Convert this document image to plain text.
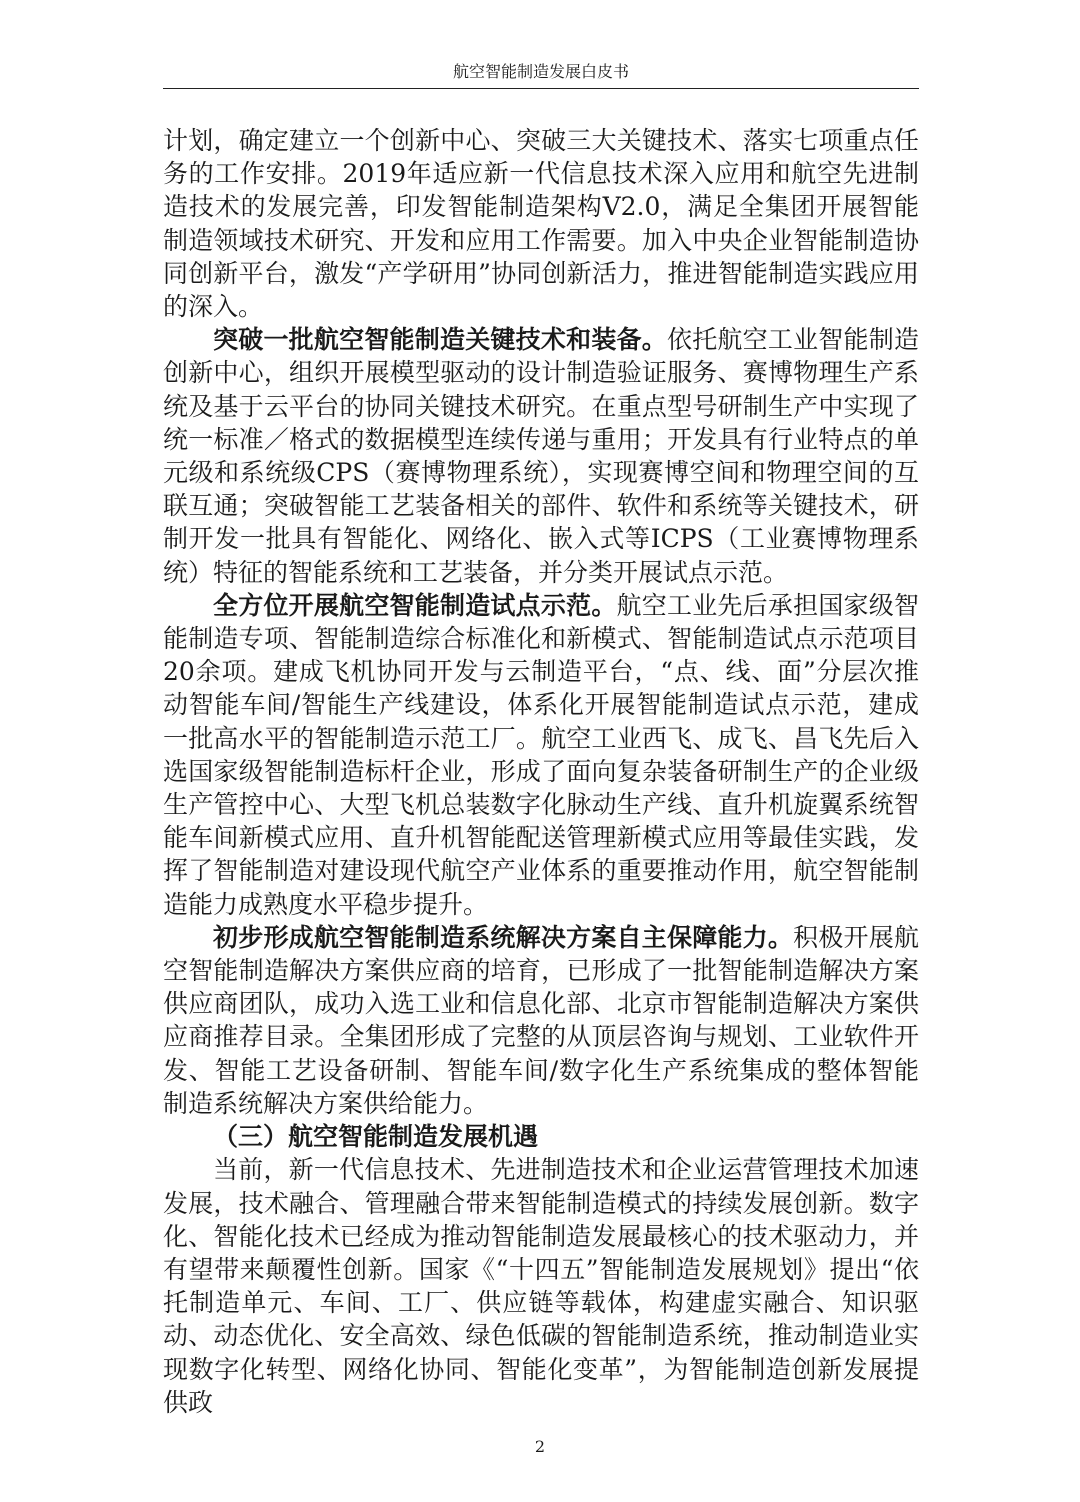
航空智能制造发展白皮书

计划，确定建立一个创新中心、突破三大关键技术、落实七项重点任务的工作安排。2019年适应新一代信息技术深入应用和航空先进制造技术的发展完善，印发智能制造架构V2.0，满足全集团开展智能制造领域技术研究、开发和应用工作需要。加入中央企业智能制造协同创新平台，激发“产学研用”协同创新活力，推进智能制造实践应用的深入。

突破一批航空智能制造关键技术和装备。依托航空工业智能制造创新中心，组织开展模型驱动的设计制造验证服务、赛博物理生产系统及基于云平台的协同关键技术研究。在重点型号研制生产中实现了统一标准／格式的数据模型连续传递与重用；开发具有行业特点的单元级和系统级CPS（赛博物理系统），实现赛博空间和物理空间的互联互通；突破智能工艺装备相关的部件、软件和系统等关键技术，研制开发一批具有智能化、网络化、嵌入式等ICPS（工业赛博物理系统）特征的智能系统和工艺装备，并分类开展试点示范。

全方位开展航空智能制造试点示范。航空工业先后承担国家级智能制造专项、智能制造综合标准化和新模式、智能制造试点示范项目20余项。建成飞机协同开发与云制造平台，“点、线、面”分层次推动智能车间/智能生产线建设，体系化开展智能制造试点示范，建成一批高水平的智能制造示范工厂。航空工业西飞、成飞、昌飞先后入选国家级智能制造标杆企业，形成了面向复杂装备研制生产的企业级生产管控中心、大型飞机总装数字化脉动生产线、直升机旋翼系统智能车间新模式应用、直升机智能配送管理新模式应用等最佳实践，发挥了智能制造对建设现代航空产业体系的重要推动作用，航空智能制造能力成熟度水平稳步提升。

初步形成航空智能制造系统解决方案自主保障能力。积极开展航空智能制造解决方案供应商的培育，已形成了一批智能制造解决方案供应商团队，成功入选工业和信息化部、北京市智能制造解决方案供应商推荐目录。全集团形成了完整的从顶层咨询与规划、工业软件开发、智能工艺设备研制、智能车间/数字化生产系统集成的整体智能制造系统解决方案供给能力。

（三）航空智能制造发展机遇

当前，新一代信息技术、先进制造技术和企业运营管理技术加速发展，技术融合、管理融合带来智能制造模式的持续发展创新。数字化、智能化技术已经成为推动智能制造发展最核心的技术驱动力，并有望带来颠覆性创新。国家《“十四五”智能制造发展规划》提出“依托制造单元、车间、工厂、供应链等载体，构建虚实融合、知识驱动、动态优化、安全高效、绿色低碳的智能制造系统，推动制造业实现数字化转型、网络化协同、智能化变革”，为智能制造创新发展提供政

2
